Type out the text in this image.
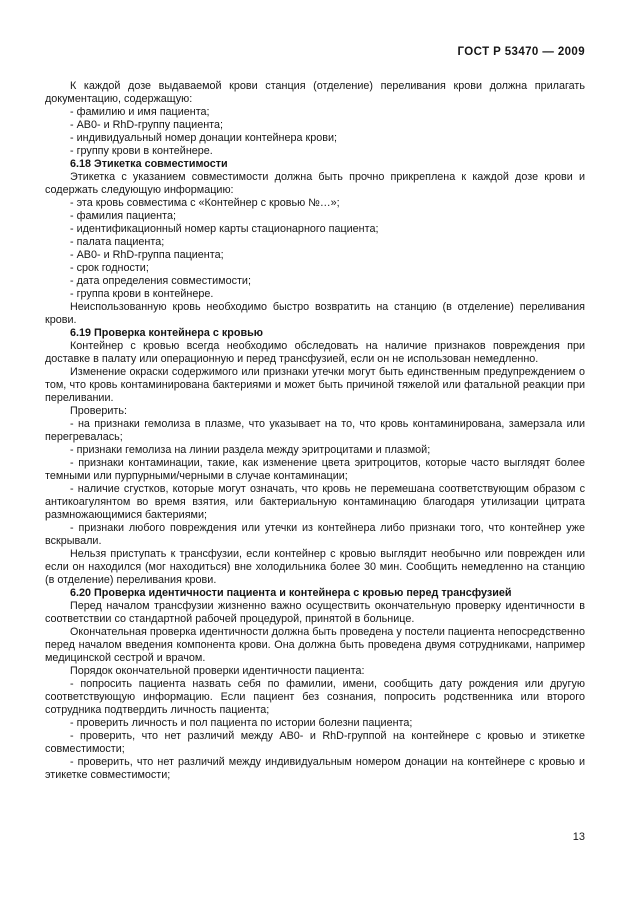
ГОСТ Р 53470 — 2009
К каждой дозе выдаваемой крови станция (отделение) переливания крови должна прилагать документацию, содержащую:
- фамилию и имя пациента;
- АВ0- и RhD-группу пациента;
- индивидуальный номер донации контейнера крови;
- группу крови в контейнере.
6.18 Этикетка совместимости
Этикетка с указанием совместимости должна быть прочно прикреплена к каждой дозе крови и содержать следующую информацию:
- эта кровь совместима с «Контейнер с кровью №…»;
- фамилия пациента;
- идентификационный номер карты стационарного пациента;
- палата пациента;
- АВ0- и RhD-группа пациента;
- срок годности;
- дата определения совместимости;
- группа крови в контейнере.
Неиспользованную кровь необходимо быстро возвратить на станцию (в отделение) переливания крови.
6.19 Проверка контейнера с кровью
Контейнер с кровью всегда необходимо обследовать на наличие признаков повреждения при доставке в палату или операционную и перед трансфузией, если он не использован немедленно.
Изменение окраски содержимого или признаки утечки могут быть единственным предупреждением о том, что кровь контаминирована бактериями и может быть причиной тяжелой или фатальной реакции при переливании.
Проверить:
- на признаки гемолиза в плазме, что указывает на то, что кровь контаминирована, замерзала или перегревалась;
- признаки гемолиза на линии раздела между эритроцитами и плазмой;
- признаки контаминации, такие, как изменение цвета эритроцитов, которые часто выглядят более темными или пурпурными/черными в случае контаминации;
- наличие сгустков, которые могут означать, что кровь не перемешана соответствующим образом с антикоагулянтом во время взятия, или бактериальную контаминацию благодаря утилизации цитрата размножающимися бактериями;
- признаки любого повреждения или утечки из контейнера либо признаки того, что контейнер уже вскрывали.
Нельзя приступать к трансфузии, если контейнер с кровью выглядит необычно или поврежден или если он находился (мог находиться) вне холодильника более 30 мин. Сообщить немедленно на станцию (в отделение) переливания крови.
6.20 Проверка идентичности пациента и контейнера с кровью перед трансфузией
Перед началом трансфузии жизненно важно осуществить окончательную проверку идентичности в соответствии со стандартной рабочей процедурой, принятой в больнице.
Окончательная проверка идентичности должна быть проведена у постели пациента непосредственно перед началом введения компонента крови. Она должна быть проведена двумя сотрудниками, например медицинской сестрой и врачом.
Порядок окончательной проверки идентичности пациента:
- попросить пациента назвать себя по фамилии, имени, сообщить дату рождения или другую соответствующую информацию. Если пациент без сознания, попросить родственника или второго сотрудника подтвердить личность пациента;
- проверить личность и пол пациента по истории болезни пациента;
- проверить, что нет различий между АВ0- и RhD-группой на контейнере с кровью и этикетке совместимости;
- проверить, что нет различий между индивидуальным номером донации на контейнере с кровью и этикетке совместимости;
13
